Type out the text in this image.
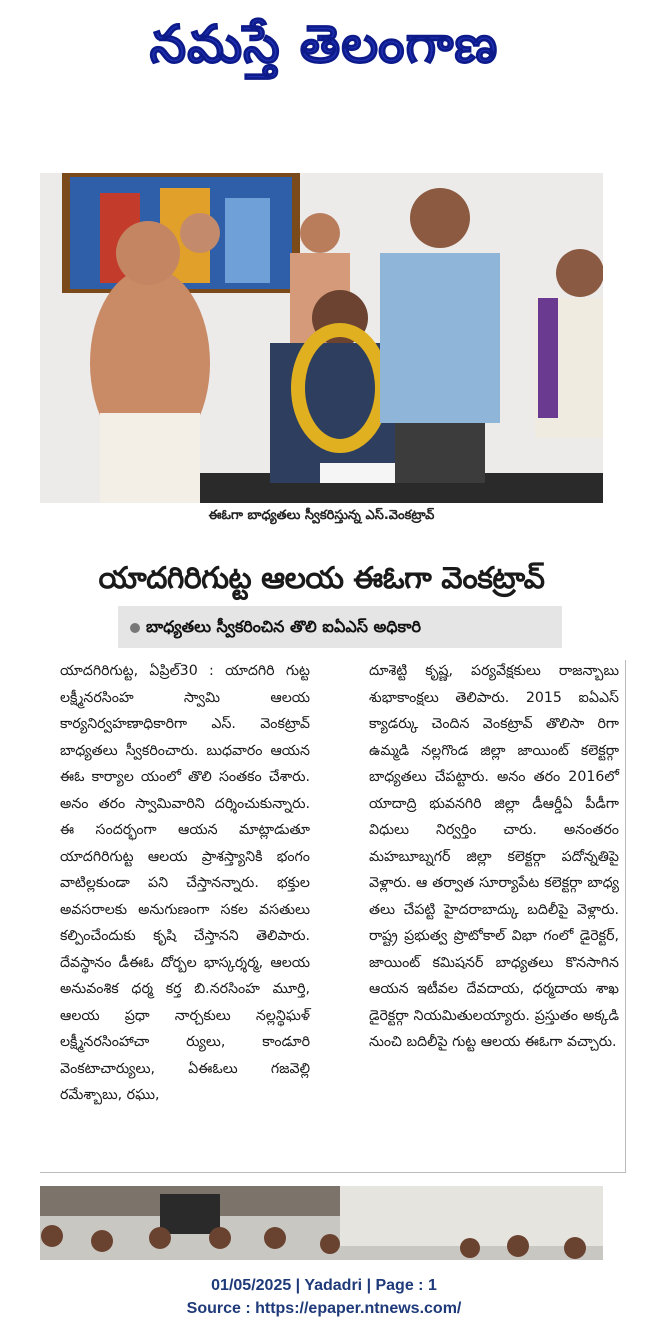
నమస్తే తెలంగాణ
ఈఓగా బాధ్యతలు స్వీకరిస్తున్న ఎస్.వెంకట్రావ్
యాదగిరిగుట్ట ఆలయ ఈఓగా వెంకట్రావ్
బాధ్యతలు స్వీకరించిన తొలి ఐఏఎస్ అధికారి

యాదగిరిగుట్ట, ఏప్రిల్30 : యాదగిరి గుట్ట లక్ష్మీనరసింహ స్వామి ఆలయ కార్యనిర్వహణాధికారిగా ఎస్. వెంకట్రావ్ బాధ్యతలు స్వీకరించారు. బుధవారం ఆయన ఈఓ కార్యాల యంలో తొలి సంతకం చేశారు. అనం తరం స్వామివారిని దర్శించుకున్నారు. ఈ సందర్భంగా ఆయన మాట్లాడుతూ యాదగిరిగుట్ట ఆలయ ప్రాశస్త్యానికి భంగం వాటిల్లకుండా పని చేస్తానన్నారు. భక్తుల అవసరాలకు అనుగుణంగా సకల వసతులు కల్పించేందుకు కృషి చేస్తానని తెలిపారు. దేవస్థానం డీఈఓ దోర్బల భాస్కర్శర్మ, ఆలయ అనువంశిక ధర్మ కర్త బి.నరసింహ మూర్తి, ఆలయ ప్రధా నార్చకులు నల్లన్థిఘళ్ లక్ష్మీనరసింహాచా ర్యులు, కాండూరి వెంకటాచార్యులు, ఏఈఓలు గజవెల్లి రమేశ్బాబు, రఘు,

దూశెట్టి కృష్ణ, పర్యవేక్షకులు రాజన్బాబు శుభాకాంక్షలు తెలిపారు. 2015 ఐఏఎస్ క్యాడర్కు చెందిన వెంకట్రావ్ తొలిసా రిగా ఉమ్మడి నల్లగొండ జిల్లా జాయింట్ కలెక్టర్గా బాధ్యతలు చేపట్టారు. అనం తరం 2016లో యాదాద్రి భువనగిరి జిల్లా డీఆర్డీఏ పీడీగా విధులు నిర్వర్తిం చారు. అనంతరం మహబూబ్నగర్ జిల్లా కలెక్టర్గా పదోన్నతిపై వెళ్లారు. ఆ తర్వాత సూర్యాపేట కలెక్టర్గా బాధ్య తలు చేపట్టి హైదరాబాద్కు బదిలీపై వెళ్లారు. రాష్ట్ర ప్రభుత్వ ప్రొటోకాల్ విభా గంలో డైరెక్టర్, జాయింట్ కమిషనర్ బాధ్యతలు కొనసాగిన ఆయన ఇటీవల దేవదాయ, ధర్మదాయ శాఖ డైరెక్టర్గా నియమితులయ్యారు. ప్రస్తుతం అక్కడి నుంచి బదిలీపై గుట్ట ఆలయ ఈఓగా వచ్చారు.

01/05/2025 | Yadadri | Page : 1
Source : https://epaper.ntnews.com/
